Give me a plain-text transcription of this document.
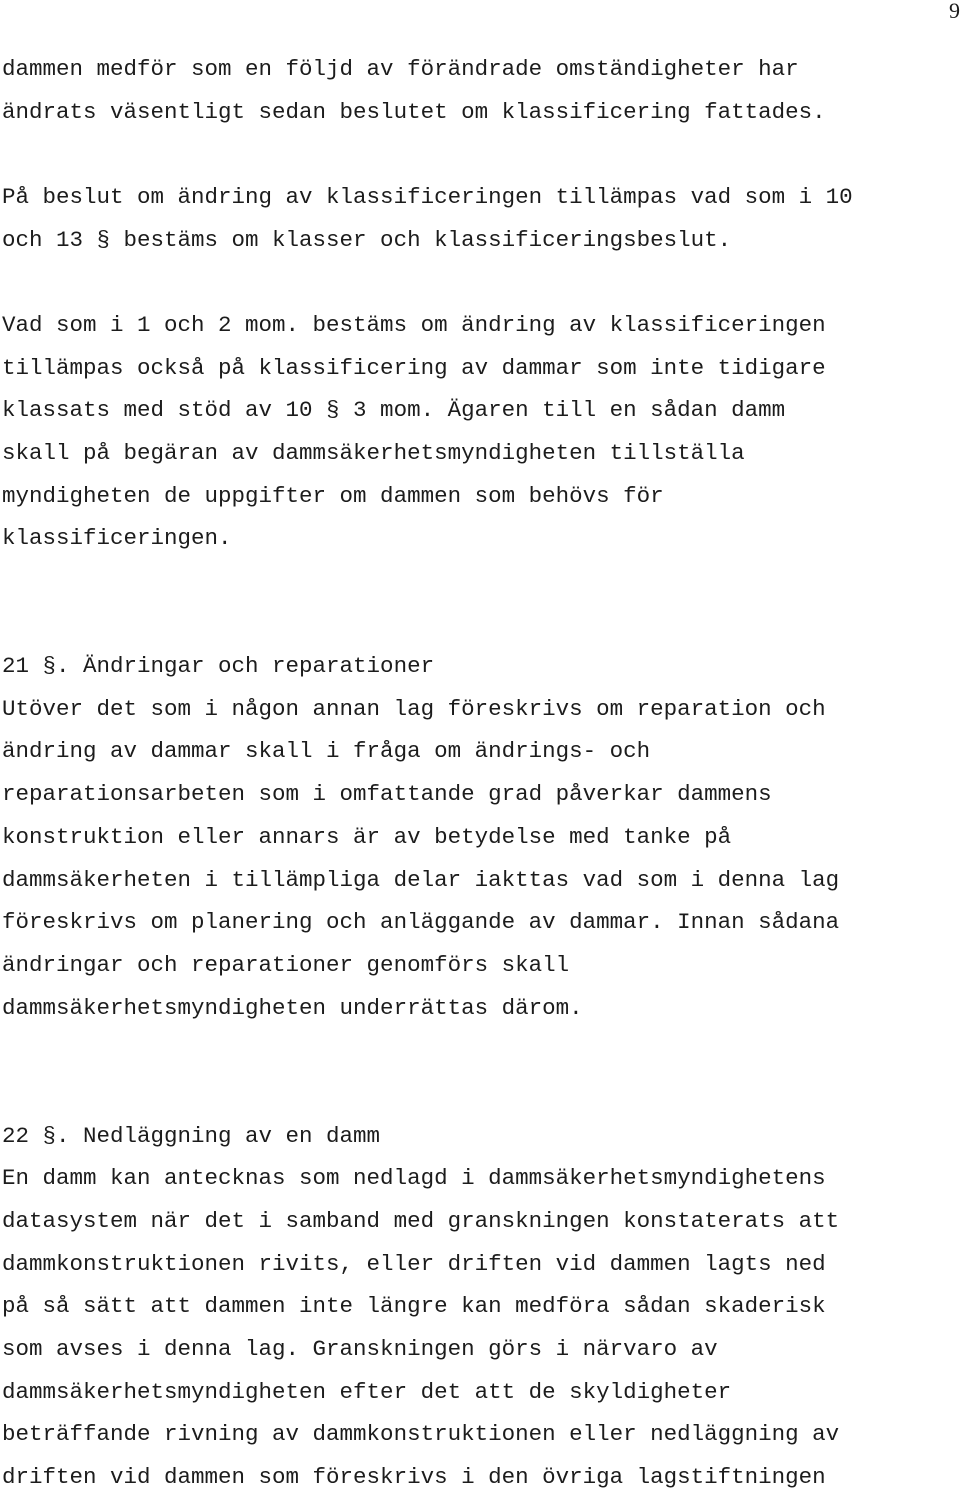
9
dammen medför som en följd av förändrade omständigheter har
ändrats väsentligt sedan beslutet om klassificering fattades.
På beslut om ändring av klassificeringen tillämpas vad som i 10
och 13 § bestäms om klasser och klassificeringsbeslut.
Vad som i 1 och 2 mom. bestäms om ändring av klassificeringen
tillämpas också på klassificering av dammar som inte tidigare
klassats med stöd av 10 § 3 mom. Ägaren till en sådan damm
skall på begäran av dammsäkerhetsmyndigheten tillställa
myndigheten de uppgifter om dammen som behövs för
klassificeringen.
21 §. Ändringar och reparationer
Utöver det som i någon annan lag föreskrivs om reparation och
ändring av dammar skall i fråga om ändrings- och
reparationsarbeten som i omfattande grad påverkar dammens
konstruktion eller annars är av betydelse med tanke på
dammsäkerheten i tillämpliga delar iakttas vad som i denna lag
föreskrivs om planering och anläggande av dammar. Innan sådana
ändringar och reparationer genomförs skall
dammsäkerhetsmyndigheten underrättas därom.
22 §. Nedläggning av en damm
En damm kan antecknas som nedlagd i dammsäkerhetsmyndighetens
datasystem när det i samband med granskningen konstaterats att
dammkonstruktionen rivits, eller driften vid dammen lagts ned
på så sätt att dammen inte längre kan medföra sådan skaderisk
som avses i denna lag. Granskningen görs i närvaro av
dammsäkerhetsmyndigheten efter det att de skyldigheter
beträffande rivning av dammkonstruktionen eller nedläggning av
driften vid dammen som föreskrivs i den övriga lagstiftningen
